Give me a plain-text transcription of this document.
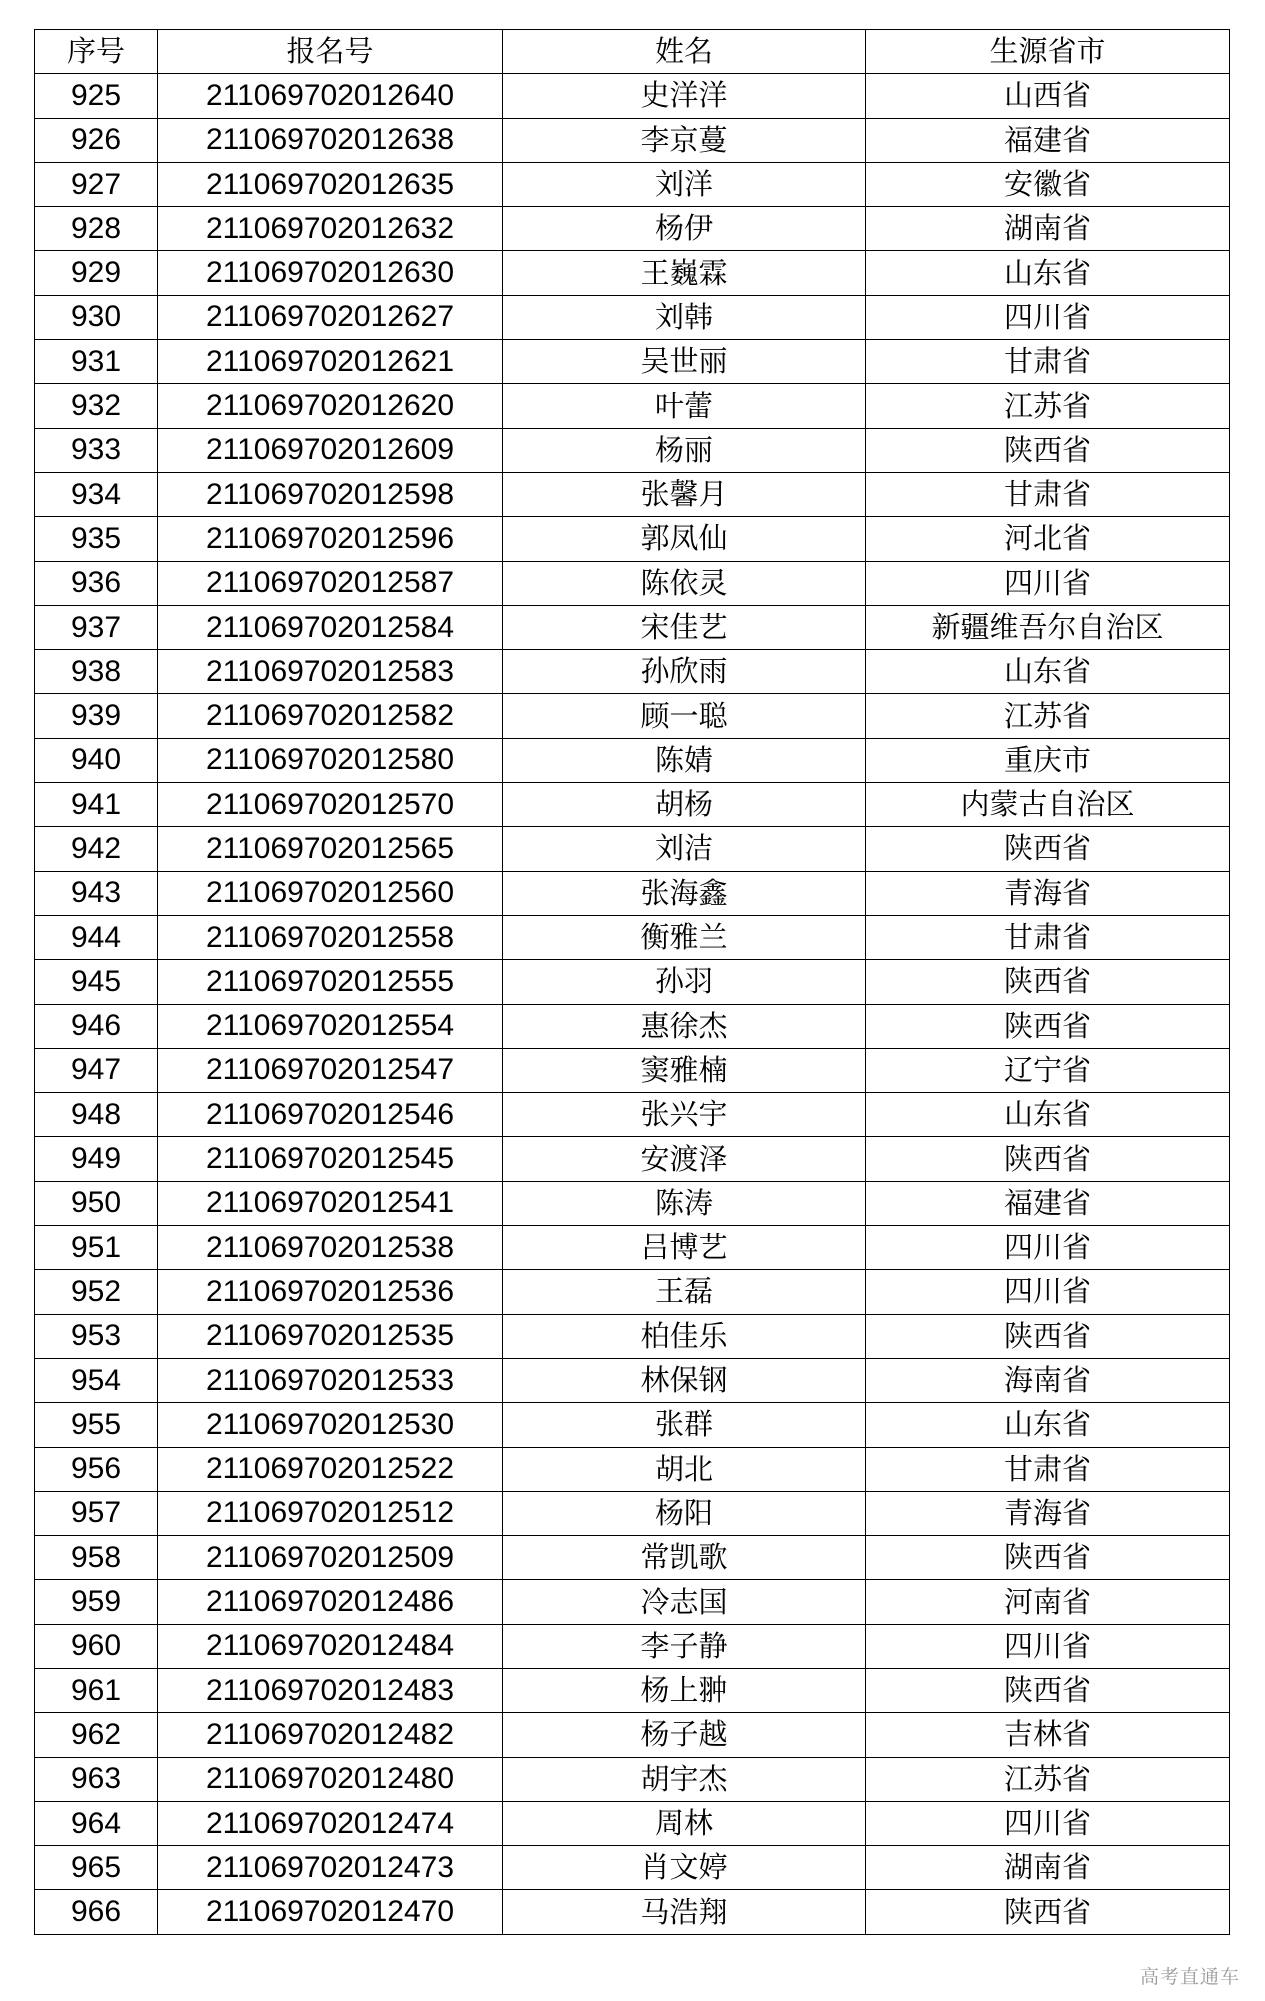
序号	报名号	姓名	生源省市
925	211069702012640	史洋洋	山西省
926	211069702012638	李京蔓	福建省
927	211069702012635	刘洋	安徽省
928	211069702012632	杨伊	湖南省
929	211069702012630	王巍霖	山东省
930	211069702012627	刘韩	四川省
931	211069702012621	吴世丽	甘肃省
932	211069702012620	叶蕾	江苏省
933	211069702012609	杨丽	陕西省
934	211069702012598	张馨月	甘肃省
935	211069702012596	郭凤仙	河北省
936	211069702012587	陈依灵	四川省
937	211069702012584	宋佳艺	新疆维吾尔自治区
938	211069702012583	孙欣雨	山东省
939	211069702012582	顾一聪	江苏省
940	211069702012580	陈婧	重庆市
941	211069702012570	胡杨	内蒙古自治区
942	211069702012565	刘洁	陕西省
943	211069702012560	张海鑫	青海省
944	211069702012558	衡雅兰	甘肃省
945	211069702012555	孙羽	陕西省
946	211069702012554	惠徐杰	陕西省
947	211069702012547	窦雅楠	辽宁省
948	211069702012546	张兴宇	山东省
949	211069702012545	安渡泽	陕西省
950	211069702012541	陈涛	福建省
951	211069702012538	吕博艺	四川省
952	211069702012536	王磊	四川省
953	211069702012535	柏佳乐	陕西省
954	211069702012533	林保钢	海南省
955	211069702012530	张群	山东省
956	211069702012522	胡北	甘肃省
957	211069702012512	杨阳	青海省
958	211069702012509	常凯歌	陕西省
959	211069702012486	冷志国	河南省
960	211069702012484	李子静	四川省
961	211069702012483	杨上翀	陕西省
962	211069702012482	杨子越	吉林省
963	211069702012480	胡宇杰	江苏省
964	211069702012474	周林	四川省
965	211069702012473	肖文婷	湖南省
966	211069702012470	马浩翔	陕西省
高考直通车
